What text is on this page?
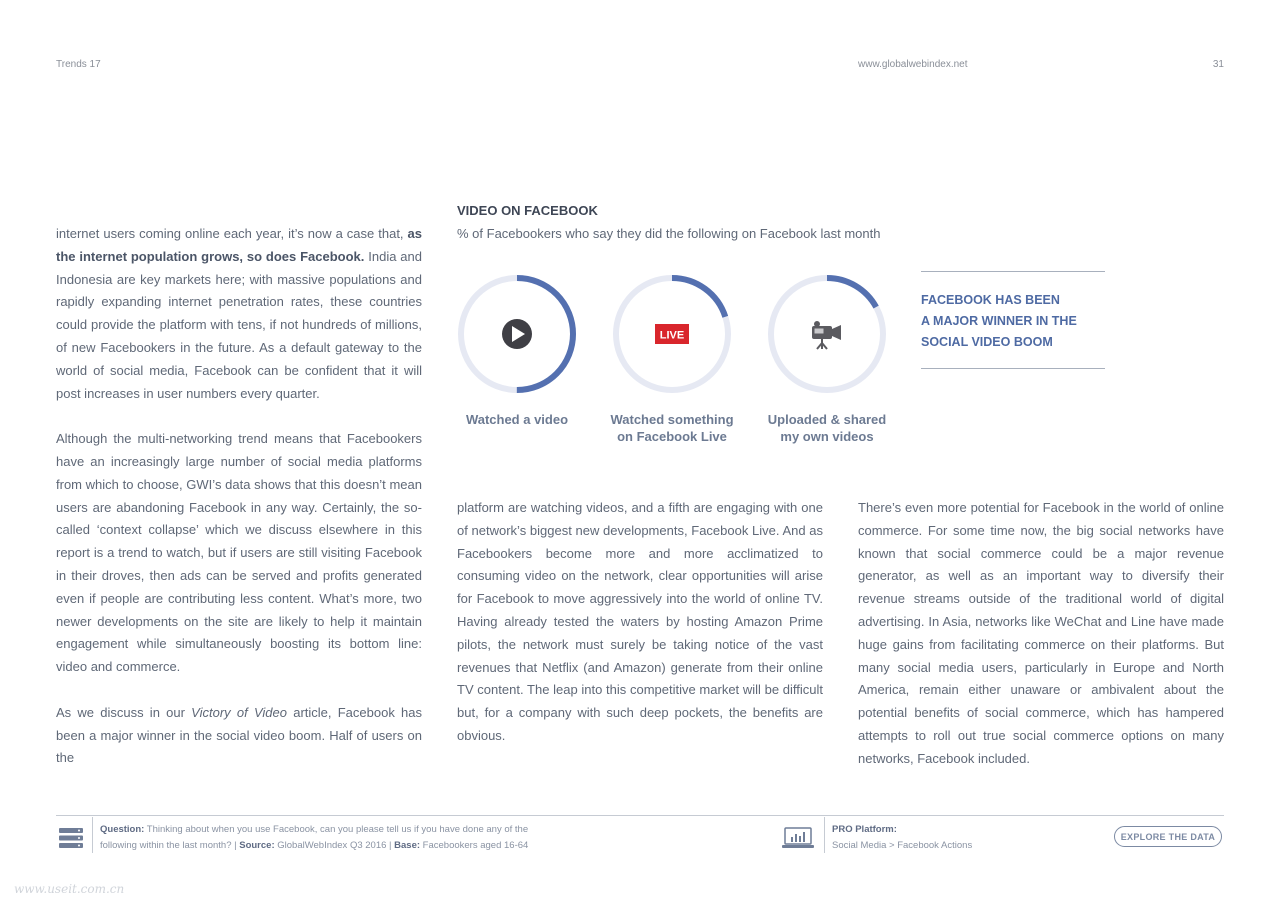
Trends 17	www.globalwebindex.net	31

internet users coming online each year, it’s now a case that, as the internet population grows, so does Facebook. India and Indonesia are key markets here; with massive populations and rapidly expanding internet penetration rates, these countries could provide the platform with tens, if not hundreds of millions, of new Facebookers in the future. As a default gateway to the world of social media, Facebook can be confident that it will post increases in user numbers every quarter.

Although the multi-networking trend means that Facebookers have an increasingly large number of social media platforms from which to choose, GWI’s data shows that this doesn’t mean users are abandoning Facebook in any way. Certainly, the so-called ‘context collapse’ which we discuss elsewhere in this report is a trend to watch, but if users are still visiting Facebook in their droves, then ads can be served and profits generated even if people are contributing less content. What’s more, two newer developments on the site are likely to help it maintain engagement while simultaneously boosting its bottom line: video and commerce.

As we discuss in our Victory of Video article, Facebook has been a major winner in the social video boom. Half of users on the

VIDEO ON FACEBOOK
% of Facebookers who say they did the following on Facebook last month
LIVE
Watched a video	Watched something
on Facebook Live
Uploaded & shared
my own videos
FACEBOOK HAS BEEN
A MAJOR WINNER IN THE
SOCIAL VIDEO BOOM

platform are watching videos, and a fifth are engaging with one of network’s biggest new developments, Facebook Live. And as Facebookers become more and more acclimatized to consuming video on the network, clear opportunities will arise for Facebook to move aggressively into the world of online TV. Having already tested the waters by hosting Amazon Prime pilots, the network must surely be taking notice of the vast revenues that Netflix (and Amazon) generate from their online TV content. The leap into this competitive market will be difficult but, for a company with such deep pockets, the benefits are obvious.

There’s even more potential for Facebook in the world of online commerce. For some time now, the big social networks have known that social commerce could be a major revenue generator, as well as an important way to diversify their revenue streams outside of the traditional world of digital advertising. In Asia, networks like WeChat and Line have made huge gains from facilitating commerce on their platforms. But many social media users, particularly in Europe and North America, remain either unaware or ambivalent about the potential benefits of social commerce, which has hampered attempts to roll out true social commerce options on many networks, Facebook included.

Question: Thinking about when you use Facebook, can you please tell us if you have done any of the
following within the last month? | Source: GlobalWebIndex Q3 2016 | Base: Facebookers aged 16-64
PRO Platform:
Social Media > Facebook Actions
EXPLORE THE DATA
www.useit.com.cn
